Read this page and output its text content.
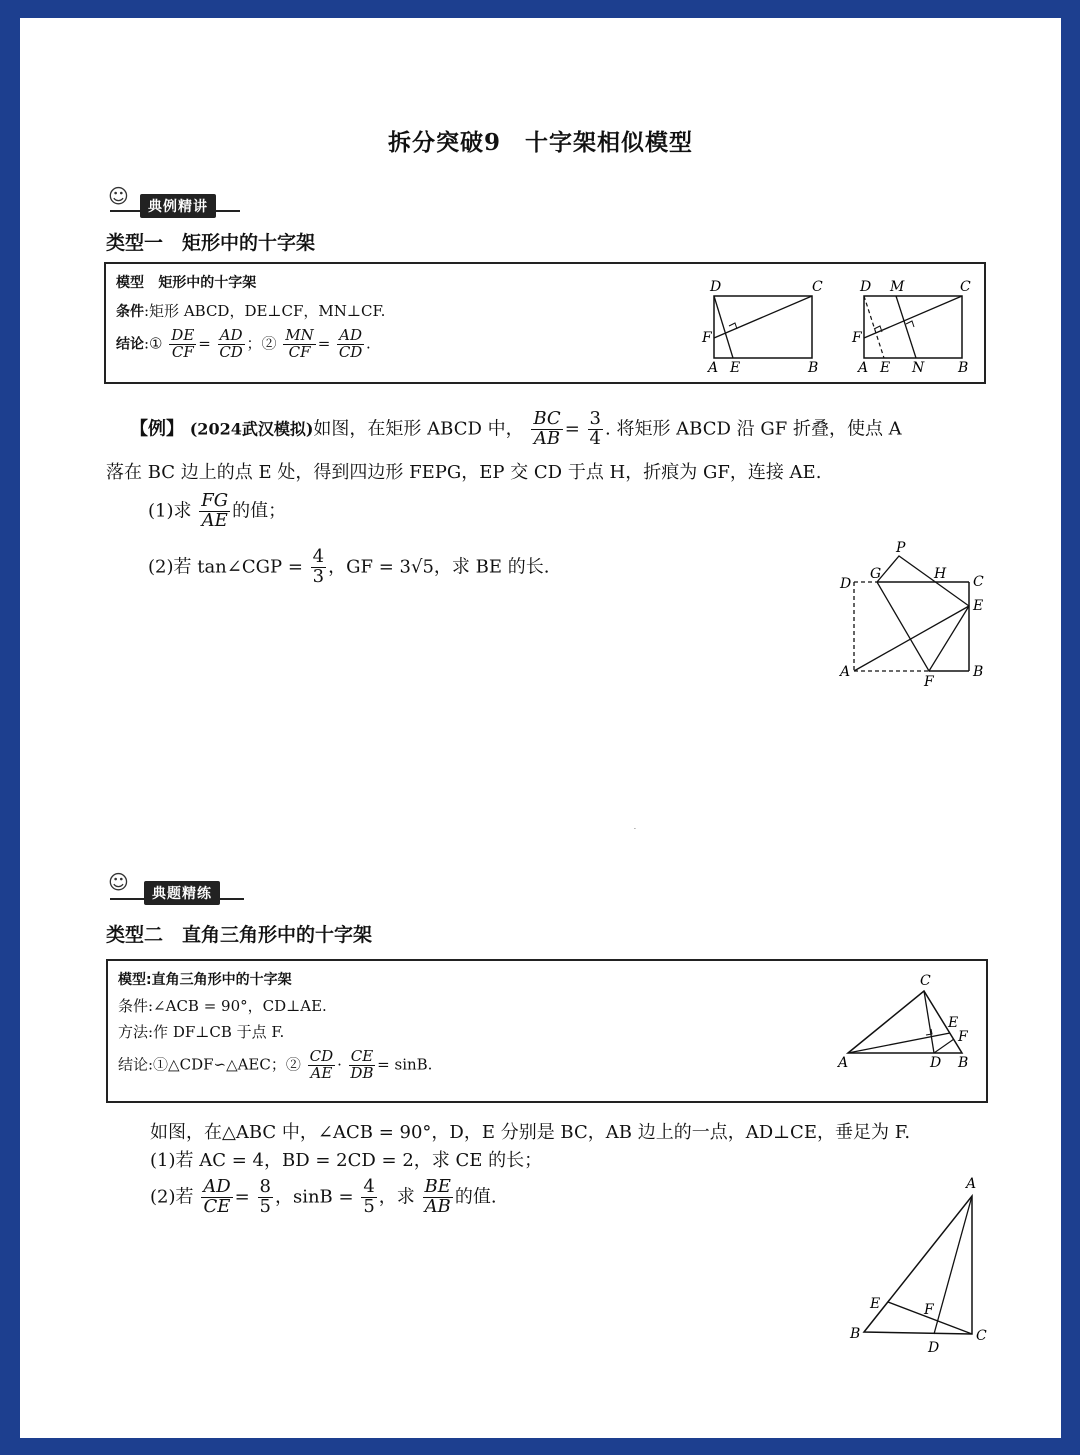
拆分突破9　十字架相似模型
☺	典例精讲
类型一　矩形中的十字架
模型 矩形中的十字架
条件:矩形 ABCD，DE⊥CF，MN⊥CF.
结论:① $\frac{DE}{CF} = \frac{AD}{CD}$ ；② $\frac{MN}{CF} = \frac{AD}{CD}$ .
D	C
F
A E	B
D M	C
F
A E N B
【例】 (2024武汉模拟)如图，在矩形 ABCD 中， $\frac{BC}{AB} = \frac{3}{4}$ . 将矩形 ABCD 沿 GF 折叠，使点 A
落在 BC 边上的点 E 处，得到四边形 FEPG，EP 交 CD 于点 H，折痕为 GF，连接 AE.
(1)求 $\frac{FG}{AE}$ 的值；
(2)若 tan∠CGP = $\frac{4}{3}$ ，GF = 3√5，求 BE 的长.
P
D
G	H C
E
A
F
B
·
☺	典题精练
类型二　直角三角形中的十字架
模型:直角三角形中的十字架
条件:∠ACB = 90°，CD⊥AE.
方法:作 DF⊥CB 于点 F.
结论:①△CDF∽△AEC；② $\frac{CD}{AE} \cdot \frac{CE}{DB} = \sin B$.
C
E
F
A	D B
如图，在△ABC 中，∠ACB = 90°，D，E 分别是 BC，AB 边上的一点，AD⊥CE，垂足为 F.
(1)若 AC = 4，BD = 2CD = 2，求 CE 的长；
(2)若 $\frac{AD}{CE} = \frac{8}{5}$ ，$\sin B = \frac{4}{5}$ ，求 $\frac{BE}{AB}$ 的值.
A
E	F
B	C
D
